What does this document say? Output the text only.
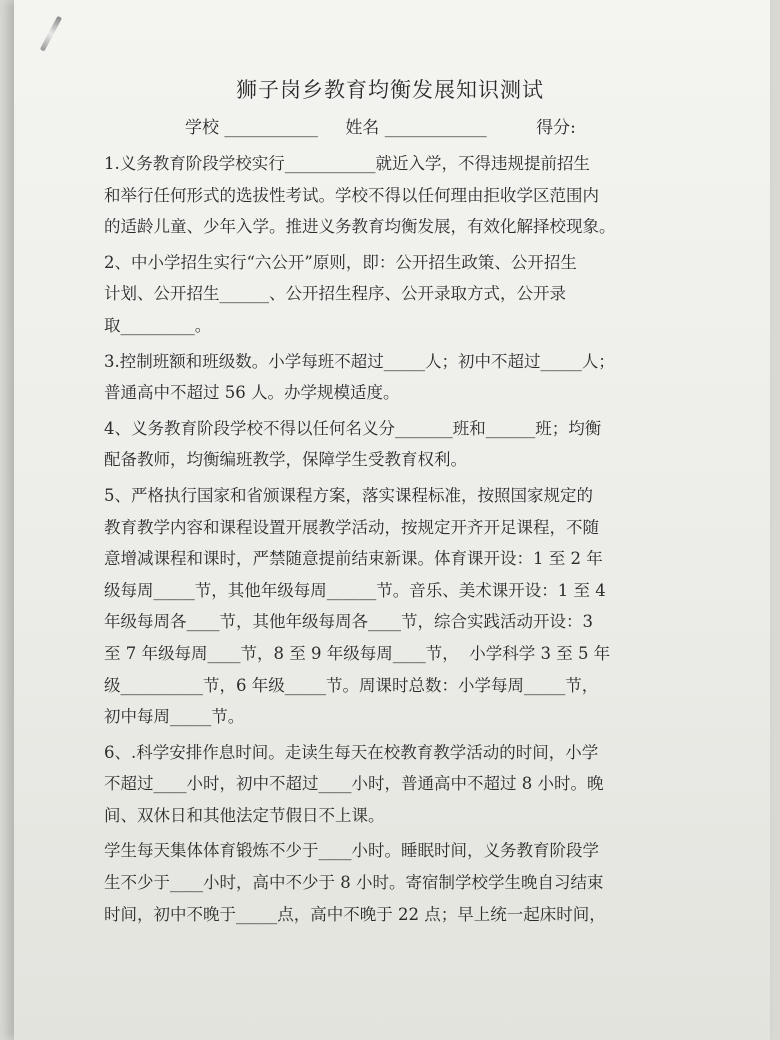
狮子岗乡教育均衡发展知识测试
学校 ___________ 姓名 ____________	得分:
1.义务教育阶段学校实行___________就近入学，不得违规提前招生
和举行任何形式的选拔性考试。学校不得以任何理由拒收学区范围内
的适龄儿童、少年入学。推进义务教育均衡发展，有效化解择校现象。
2、中小学招生实行“六公开”原则，即：公开招生政策、公开招生
计划、公开招生______、公开招生程序、公开录取方式，公开录
取_________。
3.控制班额和班级数。小学每班不超过_____人；初中不超过_____人；
普通高中不超过 56 人。办学规模适度。
4、义务教育阶段学校不得以任何名义分_______班和______班；均衡
配备教师，均衡编班教学，保障学生受教育权利。
5、严格执行国家和省颁课程方案，落实课程标准，按照国家规定的
教育教学内容和课程设置开展教学活动，按规定开齐开足课程，不随
意增减课程和课时，严禁随意提前结束新课。体育课开设：1 至 2 年
级每周_____节，其他年级每周______节。音乐、美术课开设：1 至 4
年级每周各____节，其他年级每周各____节，综合实践活动开设：3
至 7 年级每周____节，8 至 9 年级每周____节，  小学科学 3 至 5 年
级__________节，6 年级_____节。周课时总数：小学每周_____节，
初中每周_____节。
6、.科学安排作息时间。走读生每天在校教育教学活动的时间，小学
不超过____小时，初中不超过____小时，普通高中不超过 8 小时。晚
间、双休日和其他法定节假日不上课。
学生每天集体体育锻炼不少于____小时。睡眠时间，义务教育阶段学
生不少于____小时，高中不少于 8 小时。寄宿制学校学生晚自习结束
时间，初中不晚于_____点，高中不晚于 22 点；早上统一起床时间，
